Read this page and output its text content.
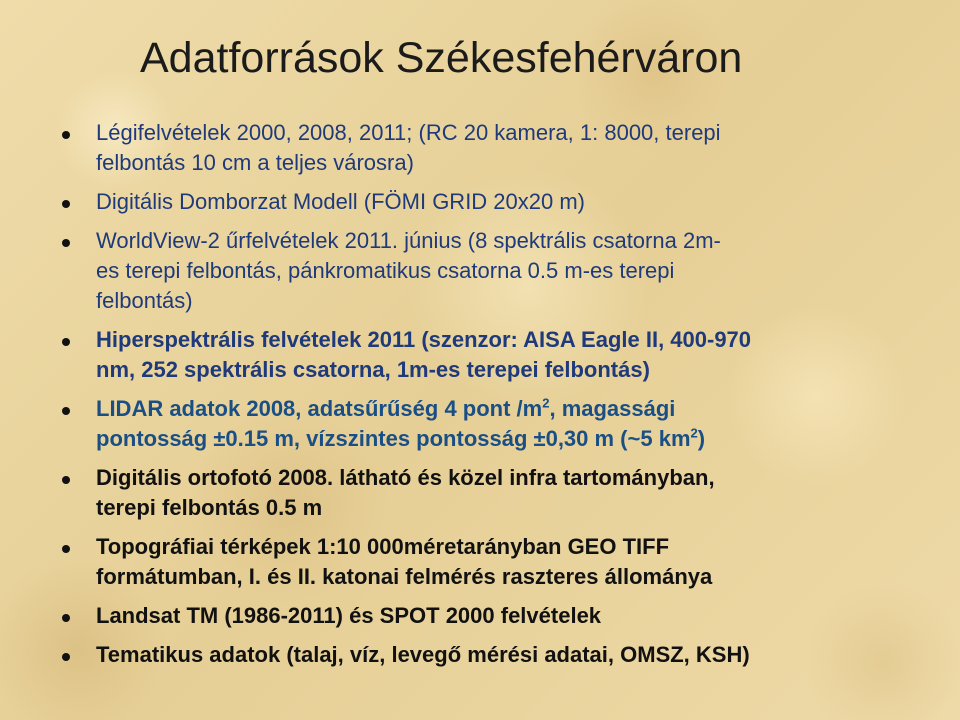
Adatforrások Székesfehérváron
Légifelvételek 2000, 2008, 2011; (RC 20 kamera, 1: 8000, terepi
felbontás 10 cm a teljes városra)
Digitális Domborzat Modell (FÖMI GRID 20x20 m)
WorldView-2 űrfelvételek 2011. június (8 spektrális csatorna 2m-
es terepi felbontás, pánkromatikus csatorna 0.5 m-es terepi
felbontás)
Hiperspektrális felvételek 2011 (szenzor: AISA Eagle II, 400-970
nm, 252 spektrális csatorna, 1m-es terepei felbontás)
LIDAR adatok 2008, adatsűrűség 4 pont $/m^2$, magassági
pontosság ±0.15 m, vízszintes pontosság ±0,30 m (~5 $km^2$)
Digitális ortofotó 2008. látható és közel infra tartományban,
terepi felbontás 0.5 m
Topográfiai térképek 1:10 000méretarányban GEO TIFF
formátumban, I. és II. katonai felmérés raszteres állománya
Landsat TM (1986-2011) és SPOT 2000 felvételek
Tematikus adatok (talaj, víz, levegő mérési adatai, OMSZ, KSH)
